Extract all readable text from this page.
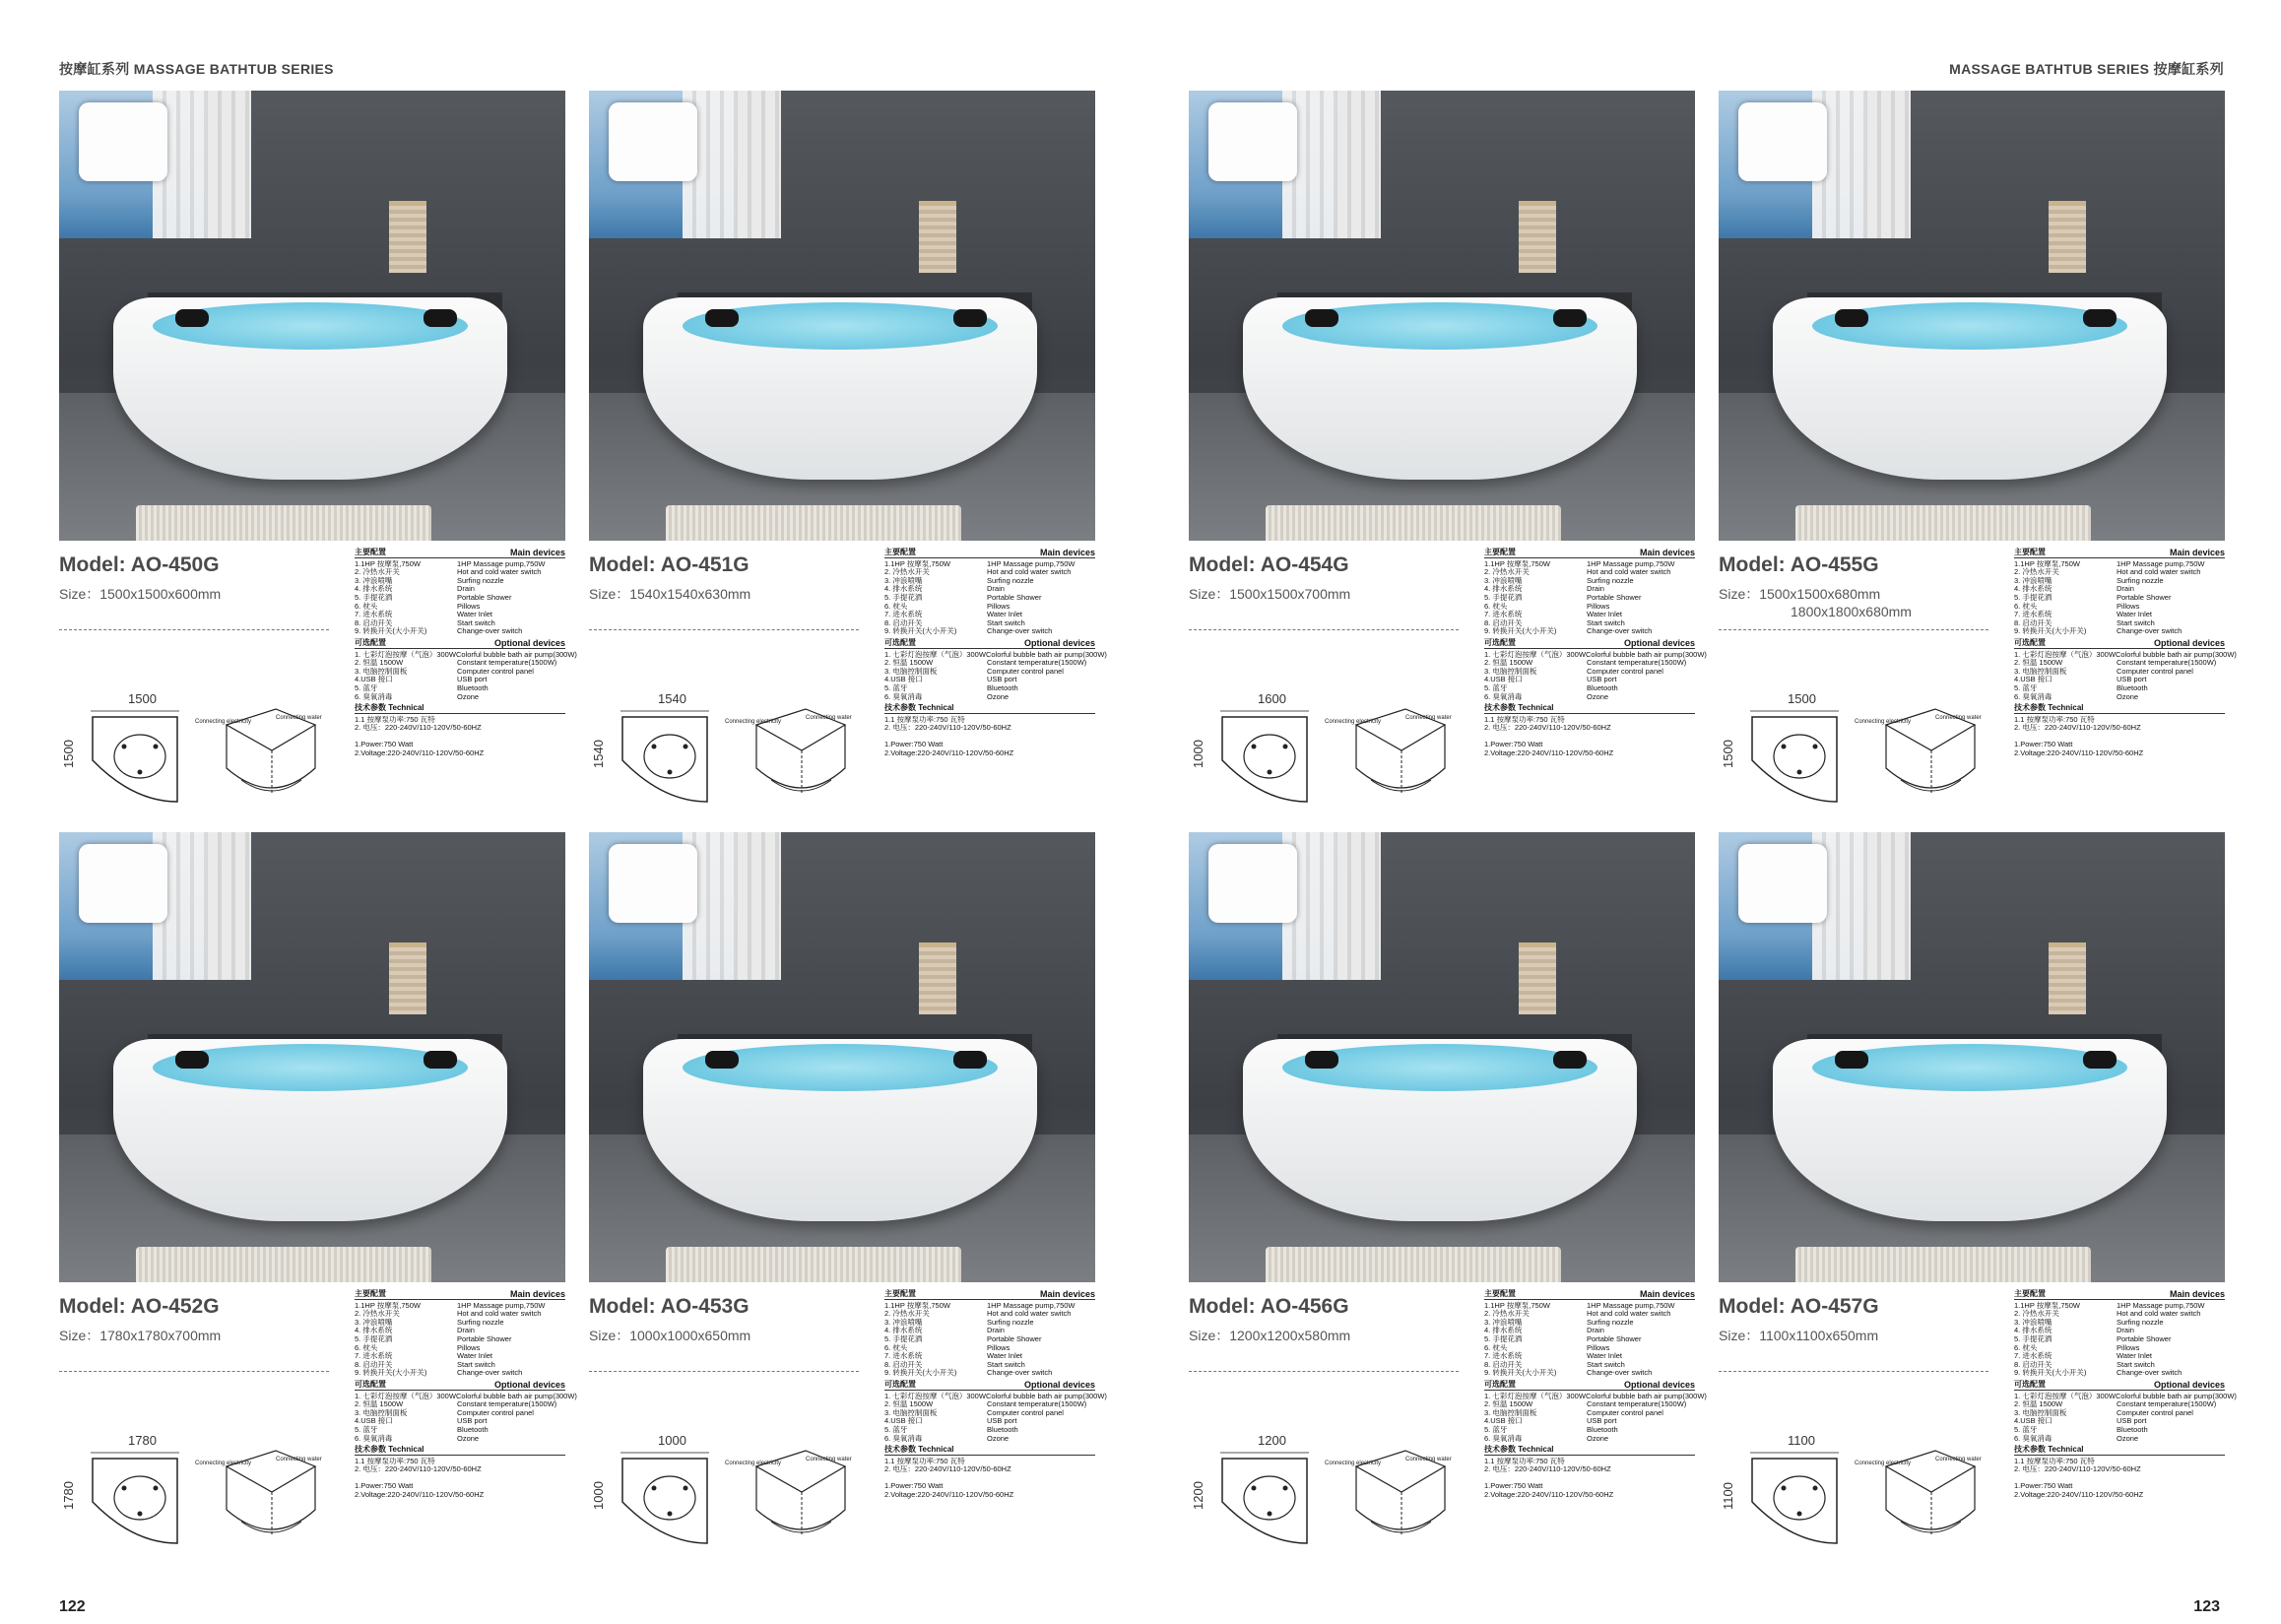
按摩缸系列 MASSAGE BATHTUB SERIES	MASSAGE BATHTUB SERIES 按摩缸系列
122	123
Model: AO-450G
Size：1500x1500x600mm
主要配置	Main devices
1.1HP 按摩泵,750W	1HP Massage pump,750W
2. 冷热水开关	Hot and cold water switch
3. 冲浪喷嘴	Surfing nozzle
4. 排水系统	Drain
5. 手提花洒	Portable Shower
6. 枕头	Pillows
7. 进水系统	Water Inlet
8. 启动开关	Start switch
9. 转换开关(大小开关)	Change-over switch
可选配置	Optional devices
1. 七彩灯泡按摩（气泡）300W Colorful bubble bath air pump(300W)
2. 恒温 1500W	Constant temperature(1500W)
3. 电脑控制面板	Computer control panel
4.USB 接口	USB port
5. 蓝牙	Bluetooth
6. 臭氧消毒	Ozone
技术参数 Technical
1.1 按摩泵功率:750 瓦特
2. 电压：220-240V/110-120V/50-60HZ

1.Power:750 Watt
2.Voltage:220-240V/110-120V/50-60HZ
1500
1500
Connecting electricity
Connecting water
Model: AO-451G
Size：1540x1540x630mm
主要配置	Main devices
1.1HP 按摩泵,750W	1HP Massage pump,750W
2. 冷热水开关	Hot and cold water switch
3. 冲浪喷嘴	Surfing nozzle
4. 排水系统	Drain
5. 手提花洒	Portable Shower
6. 枕头	Pillows
7. 进水系统	Water Inlet
8. 启动开关	Start switch
9. 转换开关(大小开关)	Change-over switch
可选配置	Optional devices
1. 七彩灯泡按摩（气泡）300W Colorful bubble bath air pump(300W)
2. 恒温 1500W	Constant temperature(1500W)
3. 电脑控制面板	Computer control panel
4.USB 接口	USB port
5. 蓝牙	Bluetooth
6. 臭氧消毒	Ozone
技术参数 Technical
1.1 按摩泵功率:750 瓦特
2. 电压：220-240V/110-120V/50-60HZ

1.Power:750 Watt
2.Voltage:220-240V/110-120V/50-60HZ
1540
1540
Connecting electricity
Connecting water
Model: AO-454G
Size：1500x1500x700mm
主要配置	Main devices
1.1HP 按摩泵,750W	1HP Massage pump,750W
2. 冷热水开关	Hot and cold water switch
3. 冲浪喷嘴	Surfing nozzle
4. 排水系统	Drain
5. 手提花洒	Portable Shower
6. 枕头	Pillows
7. 进水系统	Water Inlet
8. 启动开关	Start switch
9. 转换开关(大小开关)	Change-over switch
可选配置	Optional devices
1. 七彩灯泡按摩（气泡）300W Colorful bubble bath air pump(300W)
2. 恒温 1500W	Constant temperature(1500W)
3. 电脑控制面板	Computer control panel
4.USB 接口	USB port
5. 蓝牙	Bluetooth
6. 臭氧消毒	Ozone
技术参数 Technical
1.1 按摩泵功率:750 瓦特
2. 电压：220-240V/110-120V/50-60HZ

1.Power:750 Watt
2.Voltage:220-240V/110-120V/50-60HZ
1600
1000
Connecting electricity
Connecting water
Model: AO-455G
Size：1500x1500x680mm
1800x1800x680mm
主要配置	Main devices
1.1HP 按摩泵,750W	1HP Massage pump,750W
2. 冷热水开关	Hot and cold water switch
3. 冲浪喷嘴	Surfing nozzle
4. 排水系统	Drain
5. 手提花洒	Portable Shower
6. 枕头	Pillows
7. 进水系统	Water Inlet
8. 启动开关	Start switch
9. 转换开关(大小开关)	Change-over switch
可选配置	Optional devices
1. 七彩灯泡按摩（气泡）300W Colorful bubble bath air pump(300W)
2. 恒温 1500W	Constant temperature(1500W)
3. 电脑控制面板	Computer control panel
4.USB 接口	USB port
5. 蓝牙	Bluetooth
6. 臭氧消毒	Ozone
技术参数 Technical
1.1 按摩泵功率:750 瓦特
2. 电压：220-240V/110-120V/50-60HZ

1.Power:750 Watt
2.Voltage:220-240V/110-120V/50-60HZ
1500
1500
Connecting electricity
Connecting water
Model: AO-452G
Size：1780x1780x700mm
主要配置	Main devices
1.1HP 按摩泵,750W	1HP Massage pump,750W
2. 冷热水开关	Hot and cold water switch
3. 冲浪喷嘴	Surfing nozzle
4. 排水系统	Drain
5. 手提花洒	Portable Shower
6. 枕头	Pillows
7. 进水系统	Water Inlet
8. 启动开关	Start switch
9. 转换开关(大小开关)	Change-over switch
可选配置	Optional devices
1. 七彩灯泡按摩（气泡）300W Colorful bubble bath air pump(300W)
2. 恒温 1500W	Constant temperature(1500W)
3. 电脑控制面板	Computer control panel
4.USB 接口	USB port
5. 蓝牙	Bluetooth
6. 臭氧消毒	Ozone
技术参数 Technical
1.1 按摩泵功率:750 瓦特
2. 电压：220-240V/110-120V/50-60HZ

1.Power:750 Watt
2.Voltage:220-240V/110-120V/50-60HZ
1780
1780
Connecting electricity
Connecting water
Model: AO-453G
Size：1000x1000x650mm
主要配置	Main devices
1.1HP 按摩泵,750W	1HP Massage pump,750W
2. 冷热水开关	Hot and cold water switch
3. 冲浪喷嘴	Surfing nozzle
4. 排水系统	Drain
5. 手提花洒	Portable Shower
6. 枕头	Pillows
7. 进水系统	Water Inlet
8. 启动开关	Start switch
9. 转换开关(大小开关)	Change-over switch
可选配置	Optional devices
1. 七彩灯泡按摩（气泡）300W Colorful bubble bath air pump(300W)
2. 恒温 1500W	Constant temperature(1500W)
3. 电脑控制面板	Computer control panel
4.USB 接口	USB port
5. 蓝牙	Bluetooth
6. 臭氧消毒	Ozone
技术参数 Technical
1.1 按摩泵功率:750 瓦特
2. 电压：220-240V/110-120V/50-60HZ

1.Power:750 Watt
2.Voltage:220-240V/110-120V/50-60HZ
1000
1000
Connecting electricity
Connecting water
Model: AO-456G
Size：1200x1200x580mm
主要配置	Main devices
1.1HP 按摩泵,750W	1HP Massage pump,750W
2. 冷热水开关	Hot and cold water switch
3. 冲浪喷嘴	Surfing nozzle
4. 排水系统	Drain
5. 手提花洒	Portable Shower
6. 枕头	Pillows
7. 进水系统	Water Inlet
8. 启动开关	Start switch
9. 转换开关(大小开关)	Change-over switch
可选配置	Optional devices
1. 七彩灯泡按摩（气泡）300W Colorful bubble bath air pump(300W)
2. 恒温 1500W	Constant temperature(1500W)
3. 电脑控制面板	Computer control panel
4.USB 接口	USB port
5. 蓝牙	Bluetooth
6. 臭氧消毒	Ozone
技术参数 Technical
1.1 按摩泵功率:750 瓦特
2. 电压：220-240V/110-120V/50-60HZ

1.Power:750 Watt
2.Voltage:220-240V/110-120V/50-60HZ
1200
1200
Connecting electricity
Connecting water
Model: AO-457G
Size：1100x1100x650mm
主要配置	Main devices
1.1HP 按摩泵,750W	1HP Massage pump,750W
2. 冷热水开关	Hot and cold water switch
3. 冲浪喷嘴	Surfing nozzle
4. 排水系统	Drain
5. 手提花洒	Portable Shower
6. 枕头	Pillows
7. 进水系统	Water Inlet
8. 启动开关	Start switch
9. 转换开关(大小开关)	Change-over switch
可选配置	Optional devices
1. 七彩灯泡按摩（气泡）300W Colorful bubble bath air pump(300W)
2. 恒温 1500W	Constant temperature(1500W)
3. 电脑控制面板	Computer control panel
4.USB 接口	USB port
5. 蓝牙	Bluetooth
6. 臭氧消毒	Ozone
技术参数 Technical
1.1 按摩泵功率:750 瓦特
2. 电压：220-240V/110-120V/50-60HZ

1.Power:750 Watt
2.Voltage:220-240V/110-120V/50-60HZ
1100
1100
Connecting electricity
Connecting water
